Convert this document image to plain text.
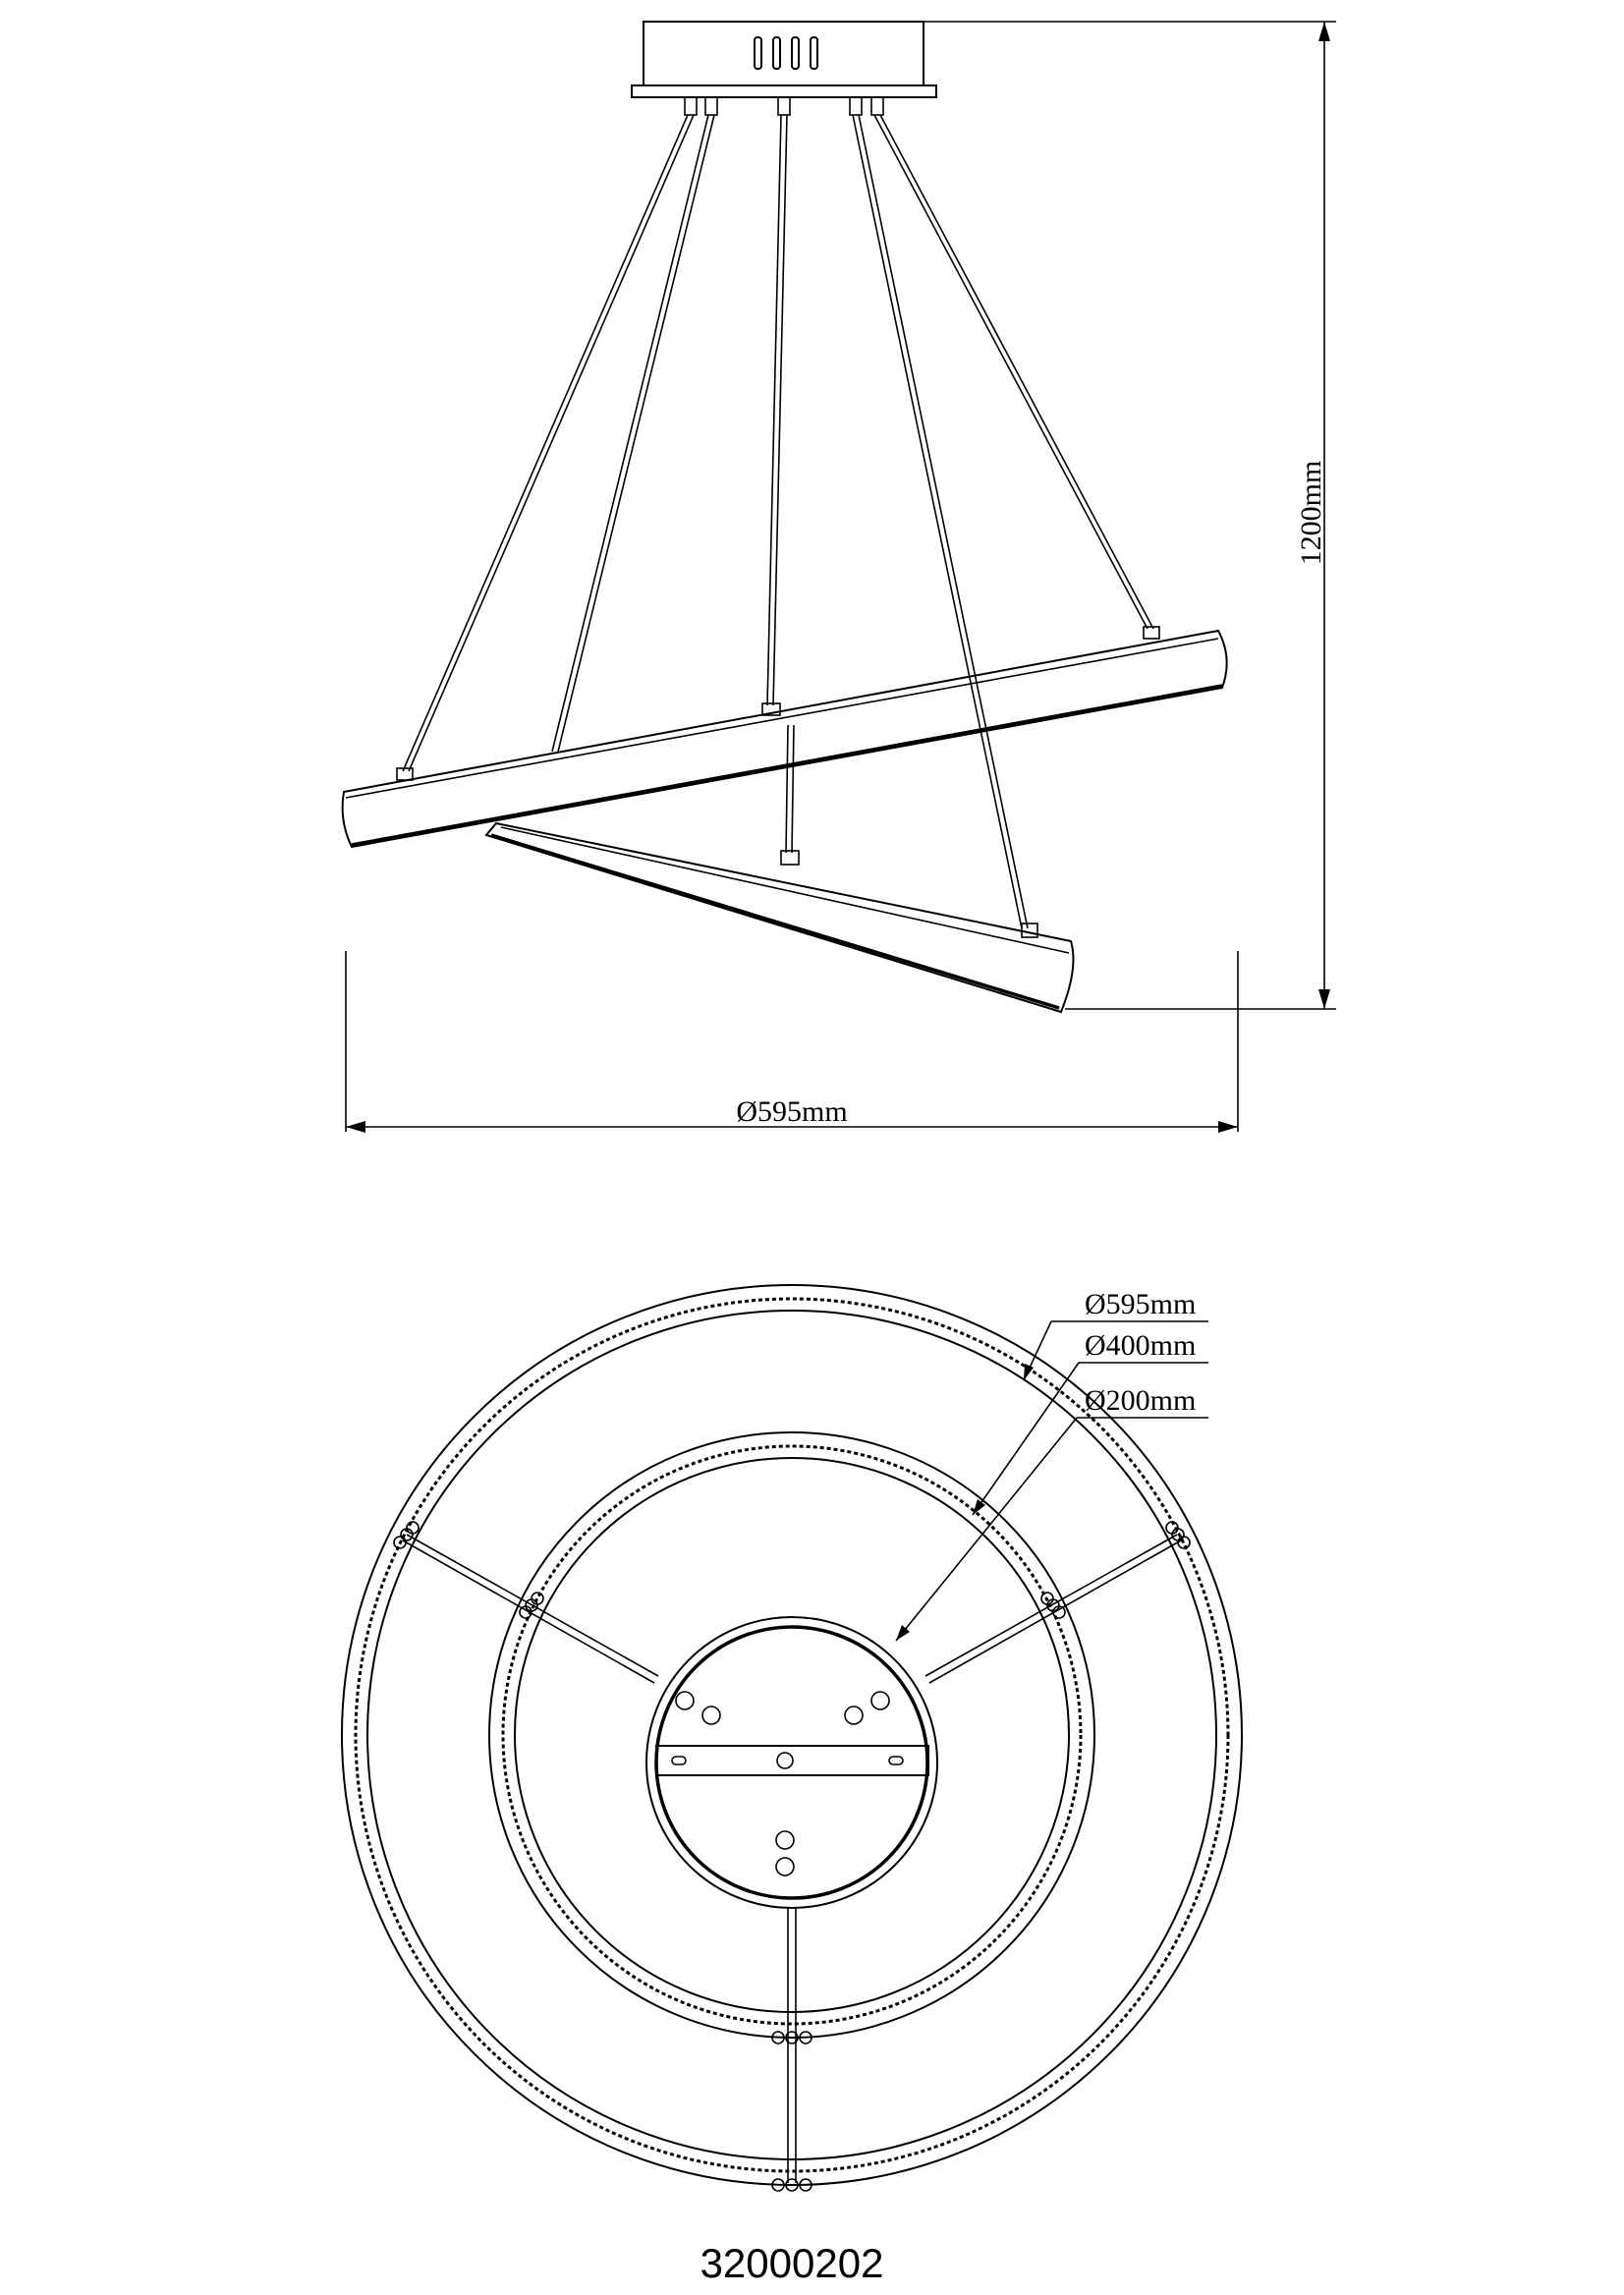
1200mm
Ø595mm
Ø595mm
Ø400mm
Ø200mm
32000202
